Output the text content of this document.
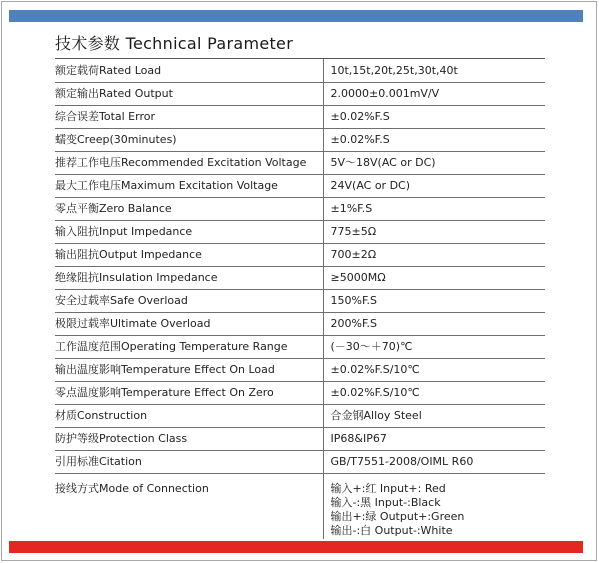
技术参数 Technical Parameter
额定载荷Rated Load	10t,15t,20t,25t,30t,40t
额定输出Rated Output	2.0000±0.001mV/V
综合误差Total Error	±0.02%F.S
蠕变Creep(30minutes)	±0.02%F.S
推荐工作电压Recommended Excitation Voltage	5V～18V(AC or DC)
最大工作电压Maximum Excitation Voltage	24V(AC or DC)
零点平衡Zero Balance	±1%F.S
输入阻抗Input Impedance	775±5Ω
输出阻抗Output Impedance	700±2Ω
绝缘阻抗Insulation Impedance	≥5000MΩ
安全过载率Safe Overload	150%F.S
极限过载率Ultimate Overload	200%F.S
工作温度范围Operating Temperature Range	(－30～＋70)℃
输出温度影响Temperature Effect On Load	±0.02%F.S/10℃
零点温度影响Temperature Effect On Zero	±0.02%F.S/10℃
材质Construction	合金钢Alloy Steel
防护等级Protection Class	IP68&IP67
引用标准Citation	GB/T7551-2008/OIML R60
接线方式Mode of Connection	输入+:红 Input+: Red
输入-:黑 Input-:Black
输出+:绿 Output+:Green
输出-:白 Output-:White
